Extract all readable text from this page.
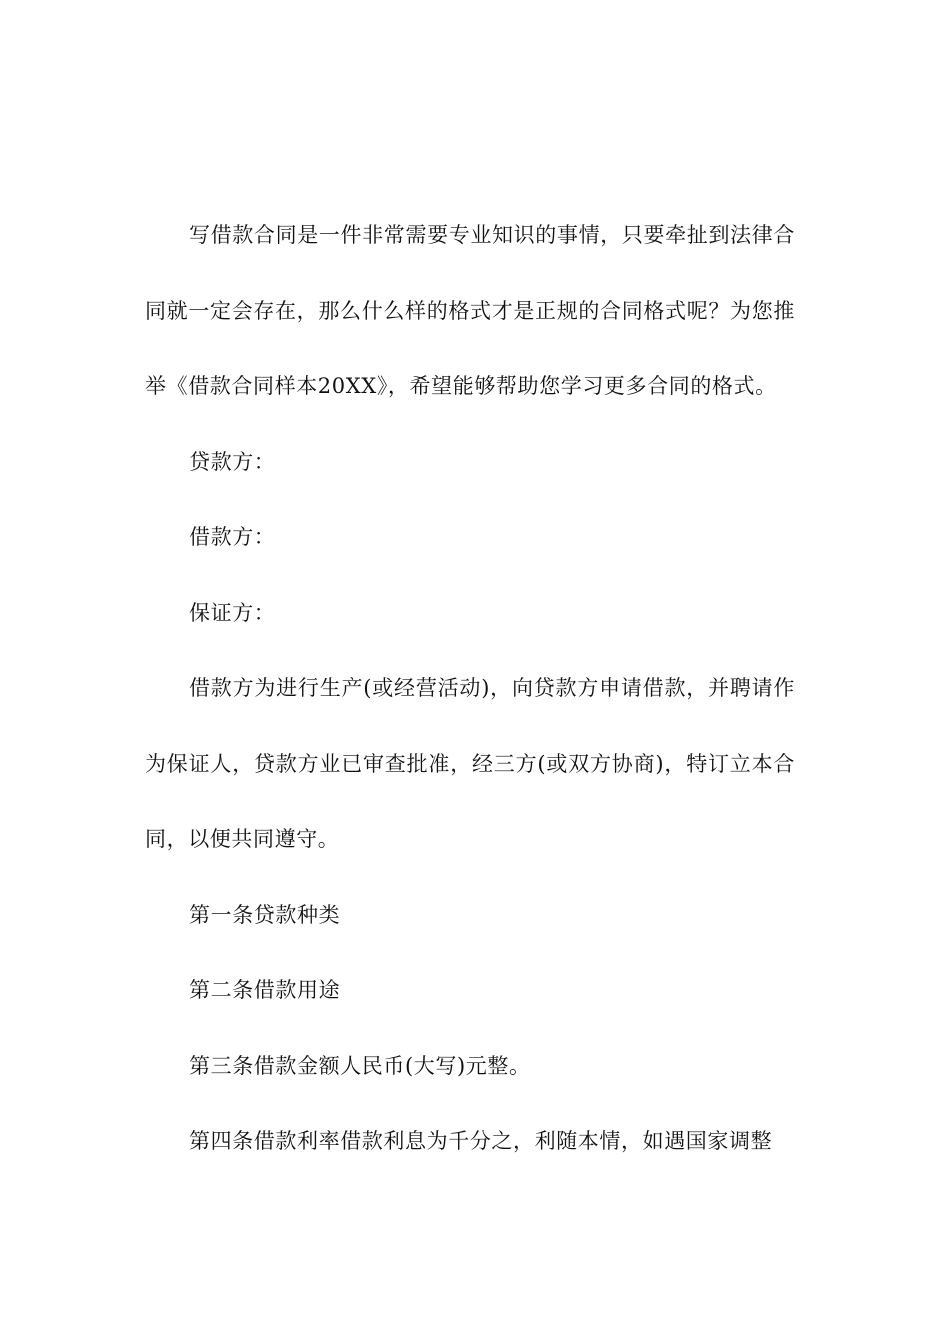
写借款合同是一件非常需要专业知识的事情，只要牵扯到法律合同就一定会存在，那么什么样的格式才是正规的合同格式呢？为您推举《借款合同样本20XX》，希望能够帮助您学习更多合同的格式。

贷款方：

借款方：

保证方：

借款方为进行生产(或经营活动)，向贷款方申请借款，并聘请作为保证人，贷款方业已审查批准，经三方(或双方协商)，特订立本合同，以便共同遵守。

第一条贷款种类

第二条借款用途

第三条借款金额人民币(大写)元整。

第四条借款利率借款利息为千分之，利随本情，如遇国家调整
